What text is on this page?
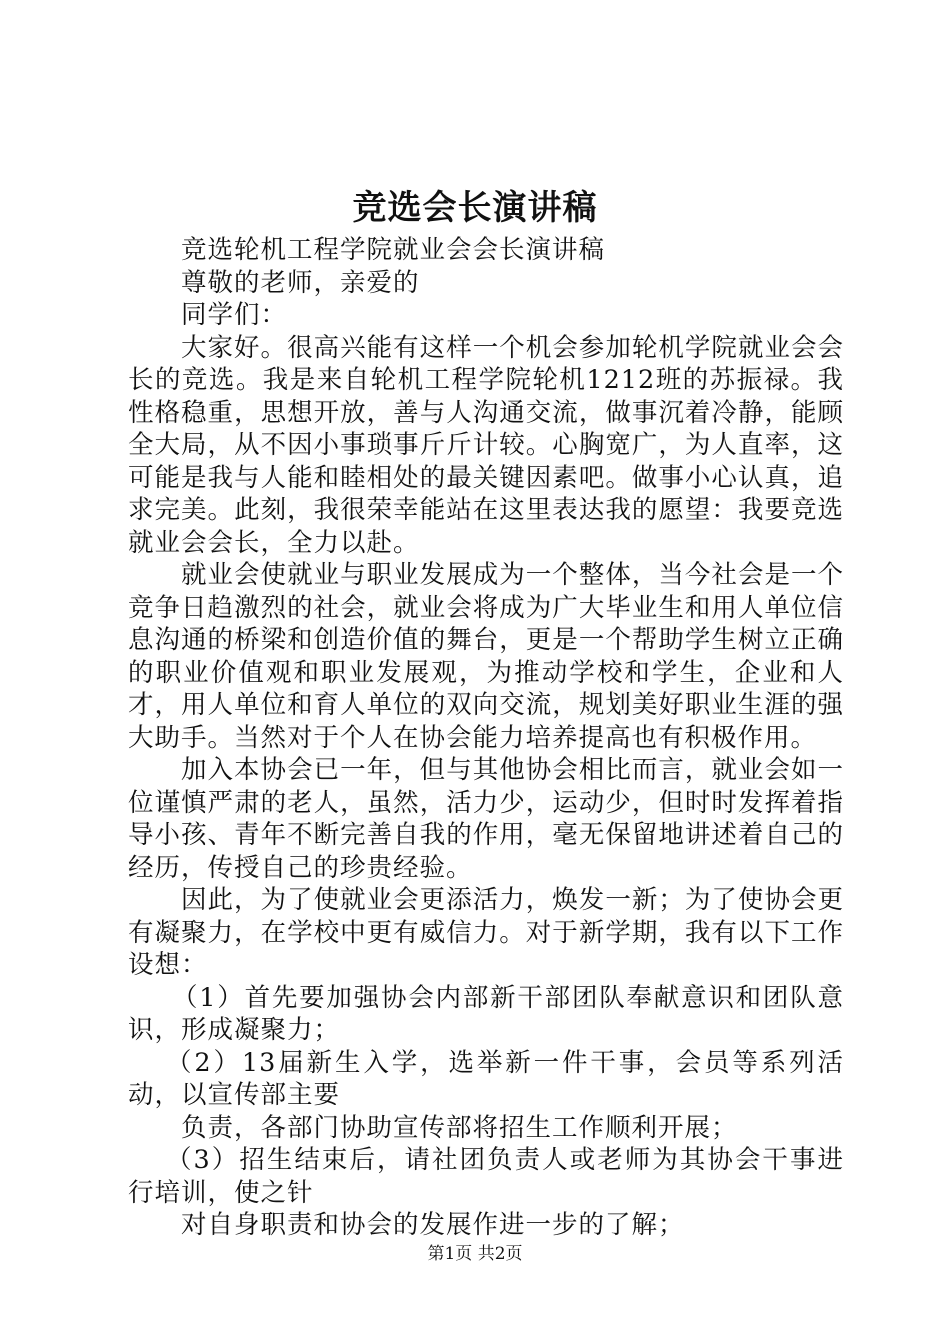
竞选会长演讲稿

竞选轮机工程学院就业会会长演讲稿

尊敬的老师，亲爱的

同学们：

大家好。很高兴能有这样一个机会参加轮机学院就业会会长的竞选。我是来自轮机工程学院轮机1212班的苏振禄。我性格稳重，思想开放，善与人沟通交流，做事沉着冷静，能顾全大局，从不因小事琐事斤斤计较。心胸宽广，为人直率，这可能是我与人能和睦相处的最关键因素吧。做事小心认真，追求完美。此刻，我很荣幸能站在这里表达我的愿望：我要竞选就业会会长，全力以赴。

就业会使就业与职业发展成为一个整体，当今社会是一个竞争日趋激烈的社会，就业会将成为广大毕业生和用人单位信息沟通的桥梁和创造价值的舞台，更是一个帮助学生树立正确的职业价值观和职业发展观，为推动学校和学生，企业和人才，用人单位和育人单位的双向交流，规划美好职业生涯的强大助手。当然对于个人在协会能力培养提高也有积极作用。

加入本协会已一年，但与其他协会相比而言，就业会如一位谨慎严肃的老人，虽然，活力少，运动少，但时时发挥着指导小孩、青年不断完善自我的作用，毫无保留地讲述着自己的经历，传授自己的珍贵经验。

因此，为了使就业会更添活力，焕发一新；为了使协会更有凝聚力，在学校中更有威信力。对于新学期，我有以下工作设想：

（1）首先要加强协会内部新干部团队奉献意识和团队意识，形成凝聚力；

（2）13届新生入学，选举新一件干事，会员等系列活动，以宣传部主要

负责，各部门协助宣传部将招生工作顺利开展；

（3）招生结束后，请社团负责人或老师为其协会干事进行培训，使之针

对自身职责和协会的发展作进一步的了解；

第1页 共2页
